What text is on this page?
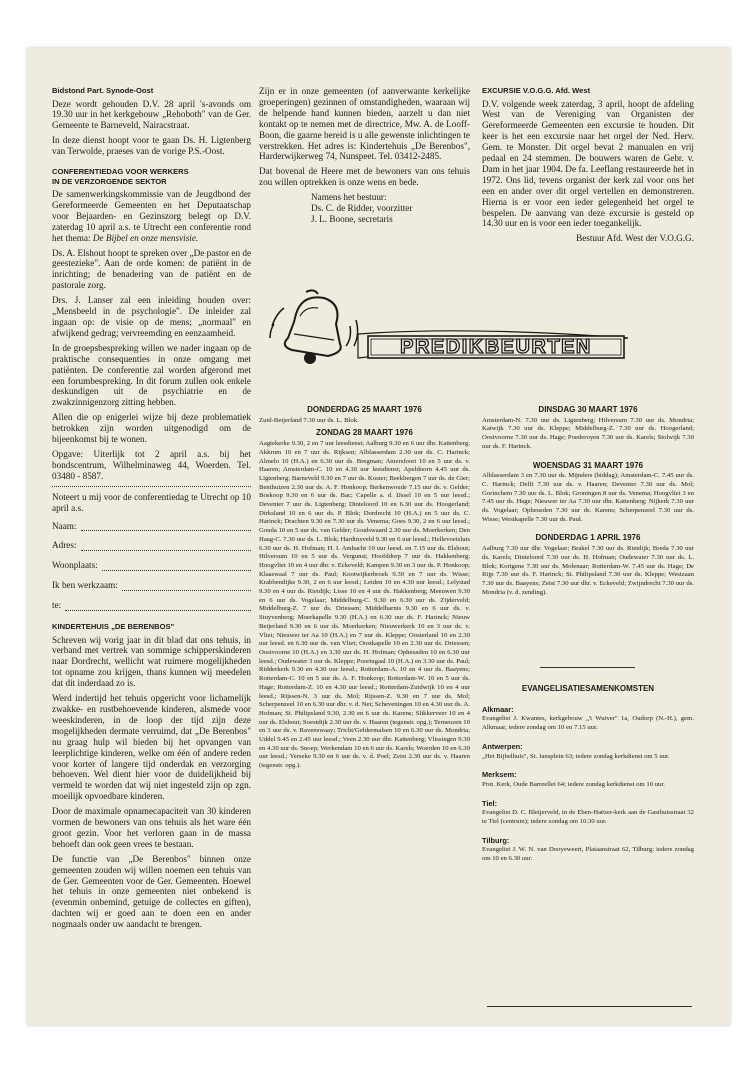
Bidstond Part. Synode-Oost

Deze wordt gehouden D.V. 28 april 's-avonds om 19.30 uur in het kerkgebouw „Rehoboth" van de Ger. Gemeente te Barneveld, Nairacstraat.

In deze dienst hoopt voor te gaan Ds. H. Ligtenberg van Terwolde, praeses van de vorige P.S.-Oost.

CONFERENTIEDAG VOOR WERKERS
IN DE VERZORGENDE SEKTOR

De samenwerkingskommissie van de Jeugdbond der Gereformeerde Gemeenten en het Deputaatschap voor Bejaarden- en Gezinszorg belegt op D.V. zaterdag 10 april a.s. te Utrecht een conferentie rond het thema: De Bijbel en onze mensvisie.

Ds. A. Elshout hoopt te spreken over „De pastor en de geestezieke". Aan de orde komen: de patiënt in de inrichting; de benadering van de patiënt en de pastorale zorg.

Drs. J. Lanser zal een inleiding houden over: „Mensbeeld in de psychologie". De inleider zal ingaan op: de visie op de mens; „normaal" en afwijkend gedrag; vervreemding en eenzaamheid.

In de groepsbespreking willen we nader ingaan op de praktische consequenties in onze omgang met patiënten. De conferentie zal worden afgerond met een forumbespreking. In dit forum zullen ook enkele deskundigen uit de psychiatrie en de zwakzinnigenzorg zitting hebben.

Allen die op enigerlei wijze bij deze problematiek betrokken zijn worden uitgenodigd om de bijeenkomst bij te wonen.

Opgave: Uiterlijk tot 2 april a.s. bij het bondscentrum, Wilhelminaweg 44, Woerden. Tel. 03480 - 8587.

Noteert u mij voor de conferentiedag te Utrecht op 10 april a.s.

Naam:
Adres:
Woonplaats:
Ik ben werkzaam:
te:
KINDERTEHUIS „DE BERENBOS"

Schreven wij vorig jaar in dit blad dat ons tehuis, in verband met vertrek van sommige schipperskinderen naar Dordrecht, wellicht wat ruimere mogelijkheden tot opname zou krijgen, thans kunnen wij meedelen dat dit inderdaad zo is.

Werd indertijd het tehuis opgericht voor lichamelijk zwakke- en rustbehoevende kinderen, alsmede voor weeskinderen, in de loop der tijd zijn deze mogelijkheden dermate verruimd, dat „De Berenbos" nu graag hulp wil bieden bij het opvangen van leerplichtige kinderen, welke om één of andere reden voor korter of langere tijd onderdak en verzorging behoeven. Wel dient hier voor de duidelijkheid bij vermeld te worden dat wij niet ingesteld zijn op zgn. moeilijk opvoedbare kinderen.

Door de maximale opnamecapaciteit van 30 kinderen vormen de bewoners van ons tehuis als het ware één groot gezin. Voor het verloren gaan in de massa behoeft dan ook geen vrees te bestaan.

De functie van „De Berenbos" binnen onze gemeenten zouden wij willen noemen een tehuis van de Ger. Gemeenten voor de Ger. Gemeenten. Hoewel het tehuis in onze gemeenten niet onbekend is (evenmin onbemind, getuige de collectes en giften), dachten wij er goed aan te doen een en ander nogmaals onder uw aandacht te brengen.

Zijn er in onze gemeenten (of aanverwante kerkelijke groeperingen) gezinnen of omstandigheden, waaraan wij de helpende hand kunnen bieden, aarzelt u dan niet kontakt op te nemen met de directrice, Mw. A. de Looff-Boon, die gaarne bereid is u alle gewenste inlichtingen te verstrekken. Het adres is: Kindertehuis „De Berenbos", Harderwijkerweg 74, Nunspeet. Tel. 03412-2485.

Dat bovenal de Heere met de bewoners van ons tehuis zou willen optrekken is onze wens en bede.

Namens het bestuur:
Ds. C. de Ridder, voorzitter
J. L. Boone, secretaris
EXCURSIE V.O.G.G. Afd. West

D.V. volgende week zaterdag, 3 april, hoopt de afdeling West van de Vereniging van Organisten der Gereformeerde Gemeenten een excursie te houden. Dit keer is het een excursie naar het orgel der Ned. Herv. Gem. te Monster. Dit orgel bevat 2 manualen en vrij pedaal en 24 stemmen. De bouwers waren de Gebr. v. Dam in het jaar 1904. De fa. Leeflang restaureerde het in 1972. Ons lid, tevens organist der kerk zal voor ons het een en ander over dit orgel vertellen en demonstreren. Hierna is er voor een ieder gelegenheid het orgel te bespelen. De aanvang van deze excursie is gesteld op 14.30 uur en is voor een ieder toegankelijk.

Bestuur Afd. West der V.O.G.G.
PREDIKBEURTEN
DONDERDAG 25 MAART 1976
Zuid-Beijerland 7.30 uur ds. L. Blok.
ZONDAG 28 MAART 1976
Aagtekerke 9.30, 2 en 7 uur leesdienst; Aalburg 9.30 en 6 uur dhr. Kattenberg; Akkrum 10 en 7 uur ds. Rijksen; Alblasserdam 2.30 uur ds. C. Harinck; Almelo 10 (H.A.) en 6.30 uur ds. Bregman; Amersfoort 10 en 5 uur ds. v. Haaren; Amsterdam-C. 10 en 4.30 uur leesdienst; Apeldoorn 4.45 uur ds. Ligtenberg; Barneveld 9.30 en 7 uur ds. Koster; Beekbergen 7 uur ds. de Gier; Benthuizen 2.30 uur ds. A. F. Honkoop; Berkenwoude 7.15 uur ds. v. Gelder; Boskoop 9.30 en 6 uur ds. Bac; Capelle a. d. IJssel 10 en 5 uur leesd.; Deventer 7 uur ds. Ligtenberg; Dinteloord 10 en 6.30 uur ds. Hoogerland; Dirksland 10 en 6 uur ds. P. Blok; Dordrecht 10 (H.A.) en 5 uur ds. C. Harinck; Drachten 9.30 en 7.30 uur ds. Venema; Goes 9.30, 2 en 6 uur leesd.; Gouda 10 en 5 uur ds. van Gelder; Goudswaard 2.30 uur ds. Moerkerken; Den Haag-C. 7.30 uur ds. L. Blok; Hardinxveld 9.30 en 6 uur leesd.; Hellevoetsluis 6.30 uur ds. H. Hofman; H. I. Ambacht 10 uur leesd. en 7.15 uur ds. Elshout; Hilversum 10 en 5 uur ds. Vergunst; Hoofddorp 7 uur ds. Hakkenberg; Hoogvliet 10 en 4 uur dhr. v. Eckeveld; Kampen 9.30 en 3 uur ds. P. Honkoop; Klaaswaal 7 uur ds. Paul; Kootwijkerbroek 9.30 en 7 uur ds. Wisse; Krabbendijke 9.30, 2 en 6 uur leesd.; Leiden 10 en 4.30 uur leesd.; Lelystad 9.30 en 4 uur ds. Rietdijk; Lisse 10 en 4 uur ds. Hakkenberg; Meeuwen 9.30 en 6 uur ds. Vogelaar; Middelburg-C. 9.30 en 6.30 uur ds. Zijderveld; Middelburg-Z. 7 uur ds. Driessen; Middelharnis 9.30 en 6 uur ds. v. Stuyvenberg; Moerkapelle 9.30 (H.A.) en 6.30 uur ds. F. Harinck; Nieuw Beijerland 9.30 en 6 uur ds. Moerkerken; Nieuwerkerk 10 en 3 uur ds. v. Vliet; Nieuwer ter Aa 10 (H.A.) en 7 uur ds. Kleppe; Oosterland 10 en 2.30 uur leesd. en 6.30 uur ds. van Vliet; Oostkapelle 10 en 2.30 uur ds. Driessen; Oostvoorne 10 (H.A.) en 3.30 uur ds. H. Hofman; Opheusden 10 en 6.30 uur leesd.; Oudewater 3 uur ds. Kleppe; Poortugaal 10 (H.A.) en 3.30 uur ds. Paul; Ridderkerk 9.30 en 4.30 uur leesd.; Rotterdam-A. 10 en 4 uur ds. Baayens; Rotterdam-C. 10 en 5 uur ds. A. F. Honkoop; Rotterdam-W. 10 en 5 uur ds. Hage; Rotterdam-Z. 10 en 4.30 uur leesd.; Rotterdam-Zuidwijk 10 en 4 uur leesd.; Rijssen-N. 3 uur ds. Mol; Rijssen-Z. 9.30 en 7 uur ds. Mol; Scherpenzeel 10 en 6.30 uur dhr. v. d. Net; Scheveningen 10 en 4.30 uur ds. A. Hofman; St. Philipsland 9.30, 2.30 en 6 uur ds. Karens; Slikkerveer 10 en 4 uur ds. Elshout; Soestdijk 2.30 uur ds. v. Haaren (tegenstr. opg.); Terneuzen 10 en 3 uur ds. v. Ravenswaay; Tricht/Geldermalsen 10 en 6.30 uur ds. Mondria; Uddel 9.45 en 2.45 uur leesd.; Veen 2.30 uur dhr. Kattenberg; Vlissingen 9.30 en 4.30 uur ds. Snoep; Werkendam 10 en 6 uur ds. Karels; Woerden 10 en 6.30 uur leesd.; Yerseke 9.30 en 6 uur ds. v. d. Poel; Zeist 2.30 uur ds. v. Haaren (tegenstr. opg.).
DINSDAG 30 MAART 1976
Amsterdam-N. 7.30 uur ds. Ligtenberg; Hilversum 7.30 uur ds. Mondria; Katwijk 7.30 uur ds. Kleppe; Middelburg-Z. 7.30 uur ds. Hoogerland; Oostvoorne 7.30 uur ds. Hage; Poederoyen 7.30 uur ds. Karels; Stolwijk 7.30 uur ds. F. Harinck.
WOENSDAG 31 MAART 1976
Alblasserdam 3 en 7.30 uur ds. Mijnders (biddag); Amsterdam-C. 7.45 uur ds. C. Harinck; Delft 7.30 uur ds. v. Haaren; Deventer 7.30 uur ds. Mol; Gorinchem 7.30 uur ds. L. Blok; Groningen 8 uur ds. Venema; Hoogvliet 3 en 7.45 uur ds. Hage; Nieuwer ter Aa 7.30 uur dhr. Kattenberg; Nijkerk 7.30 uur ds. Vogelaar; Opheusden 7.30 uur ds. Karens; Scherpenzeel 7.30 uur ds. Wisse; Westkapelle 7.30 uur ds. Paul.
DONDERDAG 1 APRIL 1976
Aalburg 7.30 uur dhr. Vogelaar; Brakel 7.30 uur ds. Rietdijk; Breda 7.30 uur ds. Karels; Dinteloord 7.30 uur ds. H. Hofman; Oudewater 7.30 uur ds. L. Blok; Kortgene 7.30 uur ds. Molenaar; Rotterdam-W. 7.45 uur ds. Hage; De Rijp 7.30 uur ds. F. Harinck; St. Philipsland 7.30 uur ds. Kleppe; Westzaan 7.30 uur ds. Baayens; Zeist 7.30 uur dhr. v. Eckeveld; Zwijndrecht 7.30 uur ds. Mondria (v. d. zending).
EVANGELISATIESAMENKOMSTEN
Alkmaar:
Evangelist J. Kwantes, kerkgebouw „'t Wuiver" 1a, Oudorp (N.-H.), gem. Alkmaar, iedere zondag om 10 en 7.15 uur.
Antwerpen:
„Het Bijbelhuis", St. Jansplein 63; iedere zondag kerkdienst om 5 uur.
Merksem:
Prot. Kerk, Oude Barreellei 64; iedere zondag kerkdienst om 10 uur.
Tiel:
Evangelist D. C. Bleijerveld, in de Eben-Haëzer-kerk aan de Gasthuisstraat 32 te Tiel (centrum); iedere zondag om 10.30 uur.
Tilburg:
Evangelist J. W. N. van Dooyeweert, Plataanstraat 62, Tilburg; iedere zondag om 10 en 6.30 uur.
